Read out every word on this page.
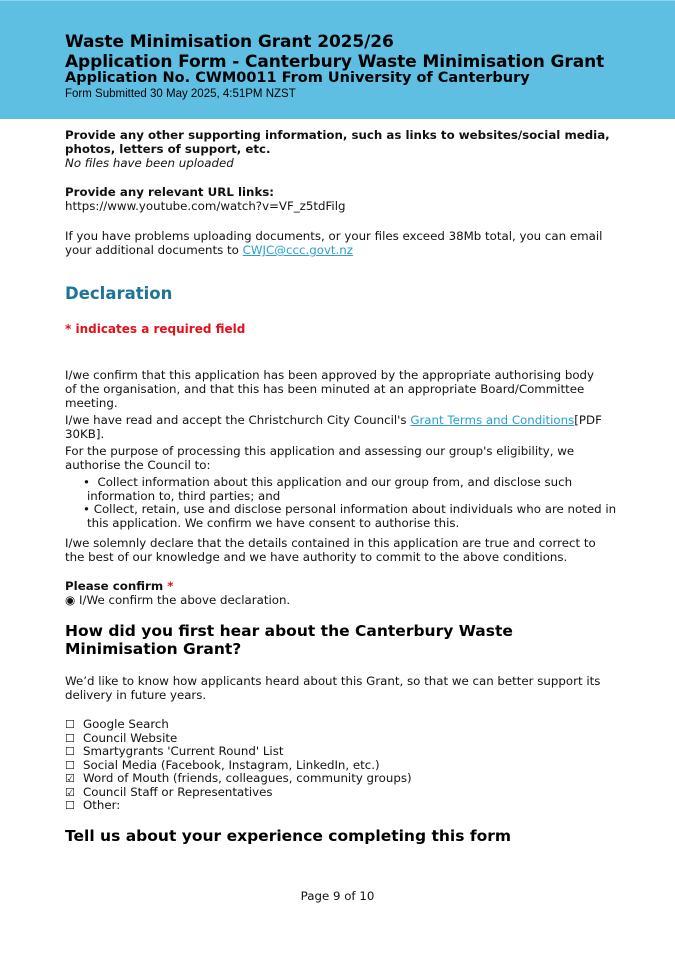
Waste Minimisation Grant 2025/26
Application Form - Canterbury Waste Minimisation Grant
Application No. CWM0011 From University of Canterbury
Form Submitted 30 May 2025, 4:51PM NZST
Provide any other supporting information, such as links to websites/social media,
photos, letters of support, etc.
No files have been uploaded
Provide any relevant URL links:
https://www.youtube.com/watch?v=VF_z5tdFilg
If you have problems uploading documents, or your files exceed 38Mb total, you can email
your additional documents to CWJC@ccc.govt.nz
Declaration
* indicates a required field
I/we confirm that this application has been approved by the appropriate authorising body
of the organisation, and that this has been minuted at an appropriate Board/Committee
meeting.
I/we have read and accept the Christchurch City Council's Grant Terms and Conditions[PDF
30KB].
For the purpose of processing this application and assessing our group's eligibility, we
authorise the Council to:
•  Collect information about this application and our group from, and disclose such
information to, third parties; and
• Collect, retain, use and disclose personal information about individuals who are noted in
this application. We confirm we have consent to authorise this.
I/we solemnly declare that the details contained in this application are true and correct to
the best of our knowledge and we have authority to commit to the above conditions.
Please confirm *
◉ I/We confirm the above declaration.
How did you first hear about the Canterbury Waste
Minimisation Grant?
We’d like to know how applicants heard about this Grant, so that we can better support its
delivery in future years.
☐ Google Search
☐ Council Website
☐ Smartygrants 'Current Round' List
☐ Social Media (Facebook, Instagram, LinkedIn, etc.)
☑ Word of Mouth (friends, colleagues, community groups)
☑ Council Staff or Representatives
☐ Other:
Tell us about your experience completing this form
Page 9 of 10
